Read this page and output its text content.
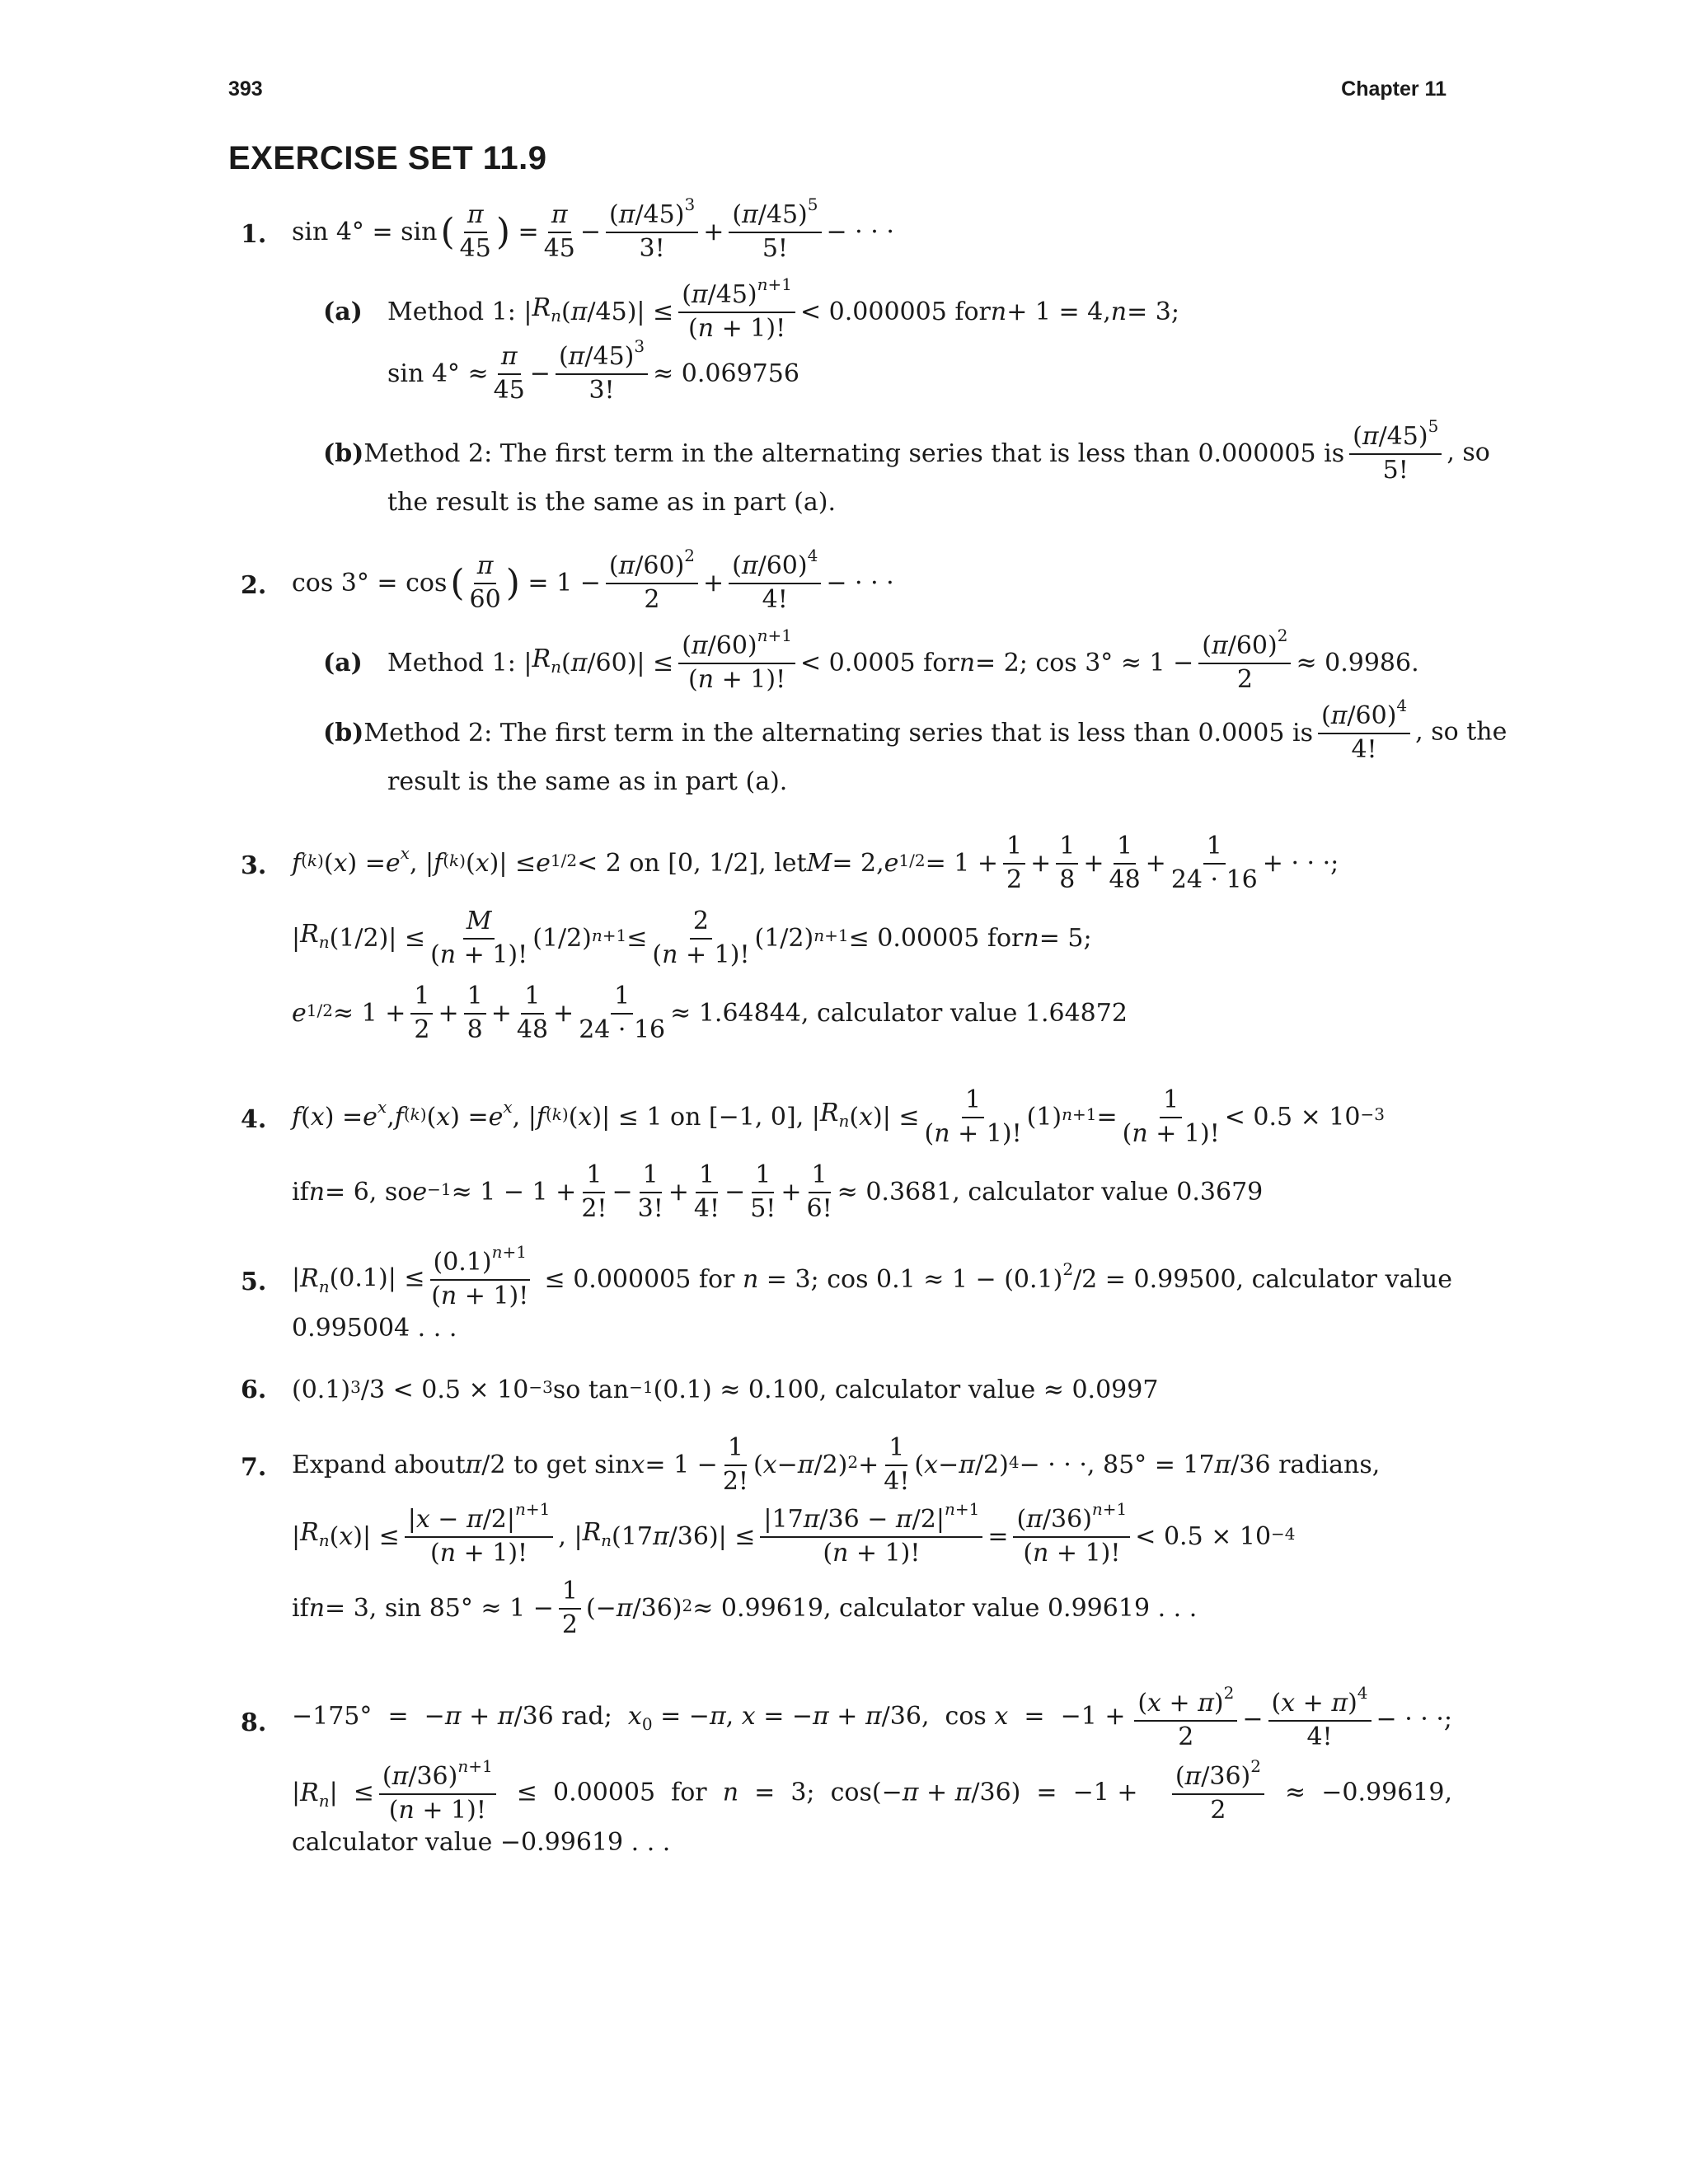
393	Chapter 11
EXERCISE SET 11.9
1. sin 4° = sin ( $\frac{\pi}{45}$ ) = $\frac{\pi}{45} - \frac{(\pi/45)^3}{3!} + \frac{(\pi/45)^5}{5!}$ − · · ·
(a)	Method 1: | $R_n$ ( π $/45)| \le \frac{(\pi/45)^{n+1}}{(n + 1)!} < 0.000005$ for n + 1 = 4, n = 3;
$\sin 4^\circ \approx \frac{\pi}{45} - \frac{(\pi/45)^3}{3!} \approx 0.069756$
(b) Method 2: The first term in the alternating series that is less than 0.000005 is $\frac{(\pi/45)^5}{5!}$ , so
the result is the same as in part (a).
2. cos 3° = cos ( $\frac{\pi}{60}$ ) = $1 - \frac{(\pi/60)^2}{2} + \frac{(\pi/60)^4}{4!}$ − · · ·
(a)	Method 1: | $R_n$ ( π $/60)| \le \frac{(\pi/60)^{n+1}}{(n + 1)!} < 0.0005$ for n = 2; $\cos 3^\circ \approx 1 - \frac{(\pi/60)^2}{2} \approx 0.9986$.
(b) Method 2: The first term in the alternating series that is less than 0.0005 is $\frac{(\pi/60)^4}{4!}$ , so the
result is the same as in part (a).
3. $f^{(k)}$ ( x ) = $e^x$ , | $f^{(k)}$ ( x )| ≤ $e^{1/2} < 2$ on [0, 1/2], let M = 2, $e^{1/2} = 1 + \frac{1}{2} + \frac{1}{8} + \frac{1}{48} + \frac{1}{24 \cdot 16}$ + · · ·;
| $R_n$ $(1/2)| \le \frac{M}{(n + 1)!} (1/2) ^{n+1} \le \frac{2}{(n + 1)!} (1/2) ^{n+1} \le 0.00005$ for n = 5;
$e^{1/2} \approx 1 + \frac{1}{2} + \frac{1}{8} + \frac{1}{48} + \frac{1}{24 \cdot 16} \approx 1.64844$, calculator value 1.64872
4. f ( x ) = $e^x$ , $f^{(k)}$ ( x ) = $e^x$ , | $f^{(k)}$ ( x )| ≤ 1 on [−1, 0], | $R_n$ ( x )| ≤ $\frac{1}{(n + 1)!} (1) ^{n+1} = \frac{1}{(n + 1)!} < 0.5 \times 10^{-3}$
if n = 6, so $e^{-1} \approx 1 - 1 + \frac{1}{2!} - \frac{1}{3!} + \frac{1}{4!} - \frac{1}{5!} + \frac{1}{6!} \approx 0.3681$, calculator value 0.3679
5. $|R_n(0.1)| \le \frac{(0.1)^{n+1}}{(n + 1)!} \le 0.000005$ for n = 3; $\cos 0.1 \approx 1 - (0.1)^2/2 = 0.99500$, calculator value
0.995004 . . .
6. $(0.1)^3$ $/3 < 0.5 \times 10^{-3}$ so $\tan^{-1} (0.1) \approx 0.100$, calculator value ≈ 0.0997
7. Expand about π /2 to get $\sin x = 1 - \frac{1}{2!}$ ( x − π $/2)^2 + \frac{1}{4!}$ ( x − π /2)$^4$ − · · ·, 85° = 17 π /36 radians,
| $R_n$ ( x )| ≤ $\frac{|x - \pi/2|^{n+1}}{(n + 1)!}$ , | $R_n$ (17 π $/36)| \le \frac{|17\pi/36 - \pi/2|^{n+1}}{(n + 1)!} = \frac{(\pi/36)^{n+1}}{(n + 1)!} < 0.5 \times 10^{-4}$
if n = 3, $\sin 85^\circ \approx 1 - \frac{1}{2}$ (− π /36)$^2$ ≈ 0.99619, calculator value 0.99619 . . .
8. −175°  =  −π + π/36 rad;  $x_0 = -\pi$, x = −π + π/36,  $\cos x = -1 + \frac{(x + \pi)^2}{2} - \frac{(x + \pi)^4}{4!}$ − · · ·;
$|R_n| \le \frac{(\pi/36)^{n+1}}{(n + 1)!} \le 0.00005$  for  n  =  3;  $\cos(-\pi + \pi/36) = -1 + \frac{(\pi/36)^2}{2} \approx -0.99619$,
calculator value −0.99619 . . .
